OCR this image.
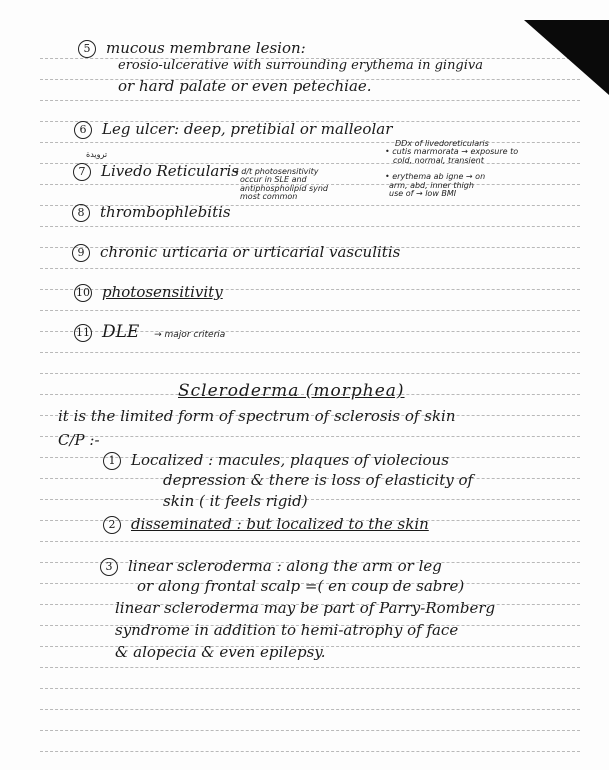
5 mucous membrane lesion:
erosio-ulcerative with surrounding erythema in gingiva
or hard palate or even petechiae.
6 Leg ulcer: deep, pretibial or malleolar
ترويدة
7 Livedo Reticularis
→ d/t photosensitivity
occur in SLE and
antiphospholipid synd
most common
DDx of livedoreticularis
• cutis marmorata → exposure to
cold, normal, transient
• erythema ab igne → on
arm, abd, inner thigh
use of → low BMI
8 thrombophlebitis
9 chronic urticaria or urticarial vasculitis
10 photosensitivity
11 DLE → major criteria
Scleroderma (morphea)
it is the limited form of spectrum of sclerosis of skin
C/P :-
1 Localized : macules, plaques of violecious
depression & there is loss of elasticity of
skin ( it feels rigid)
2 disseminated : but localized to the skin
3 linear scleroderma : along the arm or leg
or along frontal scalp =( en coup de sabre)
linear scleroderma may be part of Parry-Romberg
syndrome in addition to hemi-atrophy of face
& alopecia & even epilepsy.
